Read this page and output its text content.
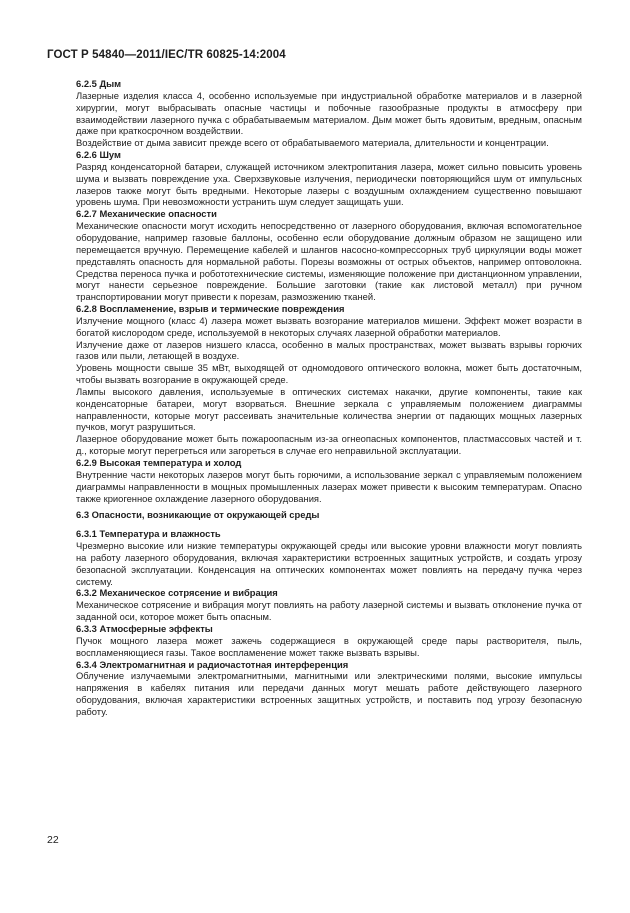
ГОСТ Р 54840—2011/IEC/TR 60825-14:2004

6.2.5 Дым

Лазерные изделия класса 4, особенно используемые при индустриальной обработке материалов и в лазерной хирургии, могут выбрасывать опасные частицы и побочные газообразные продукты в атмосферу при взаимодействии лазерного пучка с обрабатываемым материалом. Дым может быть ядовитым, вредным, опасным даже при краткосрочном воздействии.

Воздействие от дыма зависит прежде всего от обрабатываемого материала, длительности и концентрации.

6.2.6 Шум

Разряд конденсаторной батареи, служащей источником электропитания лазера, может сильно повысить уровень шума и вызвать повреждение уха. Сверхзвуковые излучения, периодически повторяющийся шум от импульсных лазеров также могут быть вредными. Некоторые лазеры с воздушным охлаждением существенно повышают уровень шума. При невозможности устранить шум следует защищать уши.

6.2.7 Механические опасности

Механические опасности могут исходить непосредственно от лазерного оборудования, включая вспомогательное оборудование, например газовые баллоны, особенно если оборудование должным образом не защищено или перемещается вручную. Перемещение кабелей и шлангов насосно-компрессорных труб циркуляции воды может представлять опасность для нормальной работы. Порезы возможны от острых объектов, например оптоволокна. Средства переноса пучка и робототехнические системы, изменяющие положение при дистанционном управлении, могут нанести серьезное повреждение. Большие заготовки (такие как листовой металл) при ручном транспортировании могут привести к порезам, размозжению тканей.

6.2.8 Воспламенение, взрыв и термические повреждения

Излучение мощного (класс 4) лазера может вызвать возгорание материалов мишени. Эффект может возрасти в богатой кислородом среде, используемой в некоторых случаях лазерной обработки материалов.

Излучение даже от лазеров низшего класса, особенно в малых пространствах, может вызвать взрывы горючих газов или пыли, летающей в воздухе.

Уровень мощности свыше 35 мВт, выходящей от одномодового оптического волокна, может быть достаточным, чтобы вызвать возгорание в окружающей среде.

Лампы высокого давления, используемые в оптических системах накачки, другие компоненты, такие как конденсаторные батареи, могут взорваться. Внешние зеркала с управляемым положением диаграммы направленности, которые могут рассеивать значительные количества энергии от падающих мощных лазерных пучков, могут разрушиться.

Лазерное оборудование может быть пожароопасным из-за огнеопасных компонентов, пластмассовых частей и т. д., которые могут перегреться или загореться в случае его неправильной эксплуатации.

6.2.9 Высокая температура и холод

Внутренние части некоторых лазеров могут быть горючими, а использование зеркал с управляемым положением диаграммы направленности в мощных промышленных лазерах может привести к высоким температурам. Опасно также криогенное охлаждение лазерного оборудования.

6.3 Опасности, возникающие от окружающей среды

6.3.1 Температура и влажность

Чрезмерно высокие или низкие температуры окружающей среды или высокие уровни влажности могут повлиять на работу лазерного оборудования, включая характеристики встроенных защитных устройств, и создать угрозу безопасной эксплуатации. Конденсация на оптических компонентах может повлиять на передачу пучка через систему.

6.3.2 Механическое сотрясение и вибрация

Механическое сотрясение и вибрация могут повлиять на работу лазерной системы и вызвать отклонение пучка от заданной оси, которое может быть опасным.

6.3.3 Атмосферные эффекты

Пучок мощного лазера может зажечь содержащиеся в окружающей среде пары растворителя, пыль, воспламеняющиеся газы. Такое воспламенение может также вызвать взрывы.

6.3.4 Электромагнитная и радиочастотная интерференция

Облучение излучаемыми электромагнитными, магнитными или электрическими полями, высокие импульсы напряжения в кабелях питания или передачи данных могут мешать работе действующего лазерного оборудования, включая характеристики встроенных защитных устройств, и поставить под угрозу безопасную работу.

22
